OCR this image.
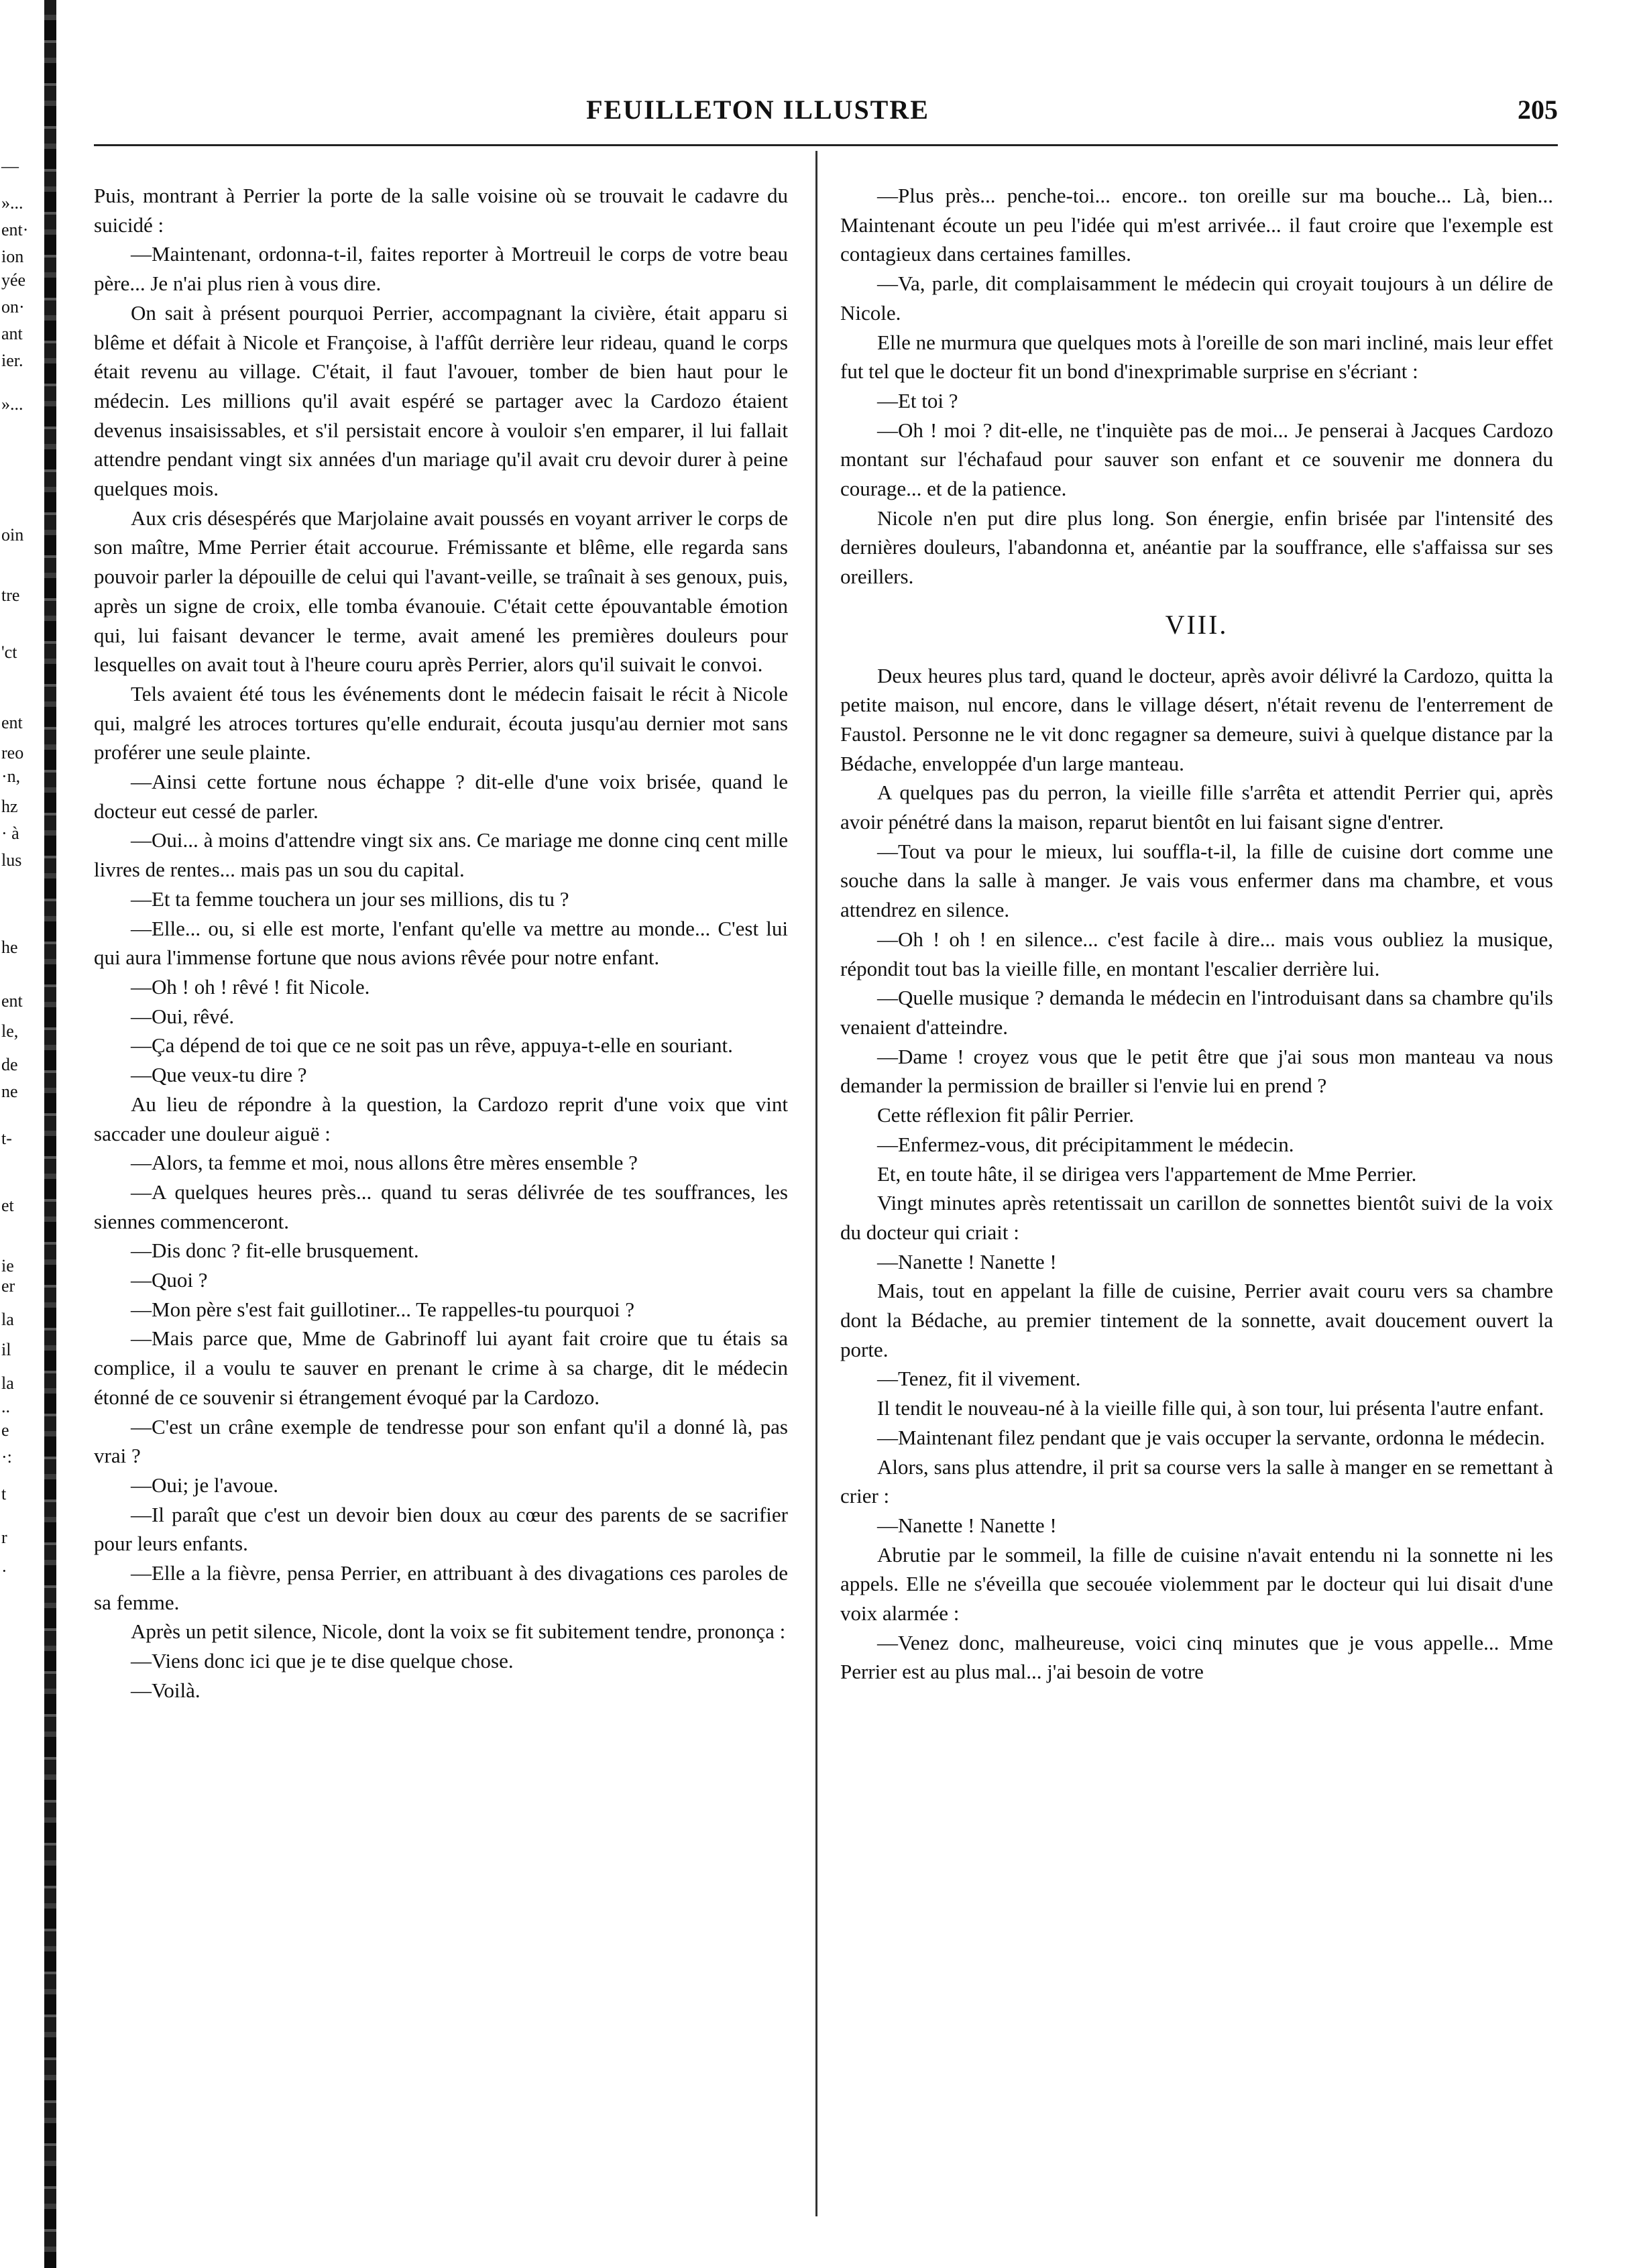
—
»...
ent·
ion
yée
on·
ant
ier.
»...
oin
tre
'ct
ent
reo
·n,
hz
· à
lus
he
ent
le,
de
ne
t-
et
ie
er
la
il
la
..
e
·:
t
r
·
FEUILLETON ILLUSTRE	205

Puis, montrant à Perrier la porte de la salle voisine où se trouvait le cadavre du suicidé :

—Maintenant, ordonna-t-il, faites reporter à Mortreuil le corps de votre beau père... Je n'ai plus rien à vous dire.

On sait à présent pourquoi Perrier, accompagnant la civière, était apparu si blême et défait à Nicole et Françoise, à l'affût derrière leur rideau, quand le corps était revenu au village. C'était, il faut l'avouer, tomber de bien haut pour le médecin. Les millions qu'il avait espéré se partager avec la Cardozo étaient devenus insaisissables, et s'il persistait encore à vouloir s'en emparer, il lui fallait attendre pendant vingt six années d'un mariage qu'il avait cru devoir durer à peine quelques mois.

Aux cris désespérés que Marjolaine avait poussés en voyant arriver le corps de son maître, Mme Perrier était accourue. Frémissante et blême, elle regarda sans pouvoir parler la dépouille de celui qui l'avant-veille, se traînait à ses genoux, puis, après un signe de croix, elle tomba évanouie. C'était cette épouvantable émotion qui, lui faisant devancer le terme, avait amené les premières douleurs pour lesquelles on avait tout à l'heure couru après Perrier, alors qu'il suivait le convoi.

Tels avaient été tous les événements dont le médecin faisait le récit à Nicole qui, malgré les atroces tortures qu'elle endurait, écouta jusqu'au dernier mot sans proférer une seule plainte.

—Ainsi cette fortune nous échappe ? dit-elle d'une voix brisée, quand le docteur eut cessé de parler.

—Oui... à moins d'attendre vingt six ans. Ce mariage me donne cinq cent mille livres de rentes... mais pas un sou du capital.

—Et ta femme touchera un jour ses millions, dis tu ?

—Elle... ou, si elle est morte, l'enfant qu'elle va mettre au monde... C'est lui qui aura l'immense fortune que nous avions rêvée pour notre enfant.

—Oh ! oh ! rêvé ! fit Nicole.

—Oui, rêvé.

—Ça dépend de toi que ce ne soit pas un rêve, appuya-t-elle en souriant.

—Que veux-tu dire ?

Au lieu de répondre à la question, la Cardozo reprit d'une voix que vint saccader une douleur aiguë :

—Alors, ta femme et moi, nous allons être mères ensemble ?

—A quelques heures près... quand tu seras délivrée de tes souffrances, les siennes commenceront.

—Dis donc ? fit-elle brusquement.

—Quoi ?

—Mon père s'est fait guillotiner... Te rappelles-tu pourquoi ?

—Mais parce que, Mme de Gabrinoff lui ayant fait croire que tu étais sa complice, il a voulu te sauver en prenant le crime à sa charge, dit le médecin étonné de ce souvenir si étrangement évoqué par la Cardozo.

—C'est un crâne exemple de tendresse pour son enfant qu'il a donné là, pas vrai ?

—Oui; je l'avoue.

—Il paraît que c'est un devoir bien doux au cœur des parents de se sacrifier pour leurs enfants.

—Elle a la fièvre, pensa Perrier, en attribuant à des divagations ces paroles de sa femme.

Après un petit silence, Nicole, dont la voix se fit subitement tendre, prononça :

—Viens donc ici que je te dise quelque chose.

—Voilà.

—Plus près... penche-toi... encore.. ton oreille sur ma bouche... Là, bien... Maintenant écoute un peu l'idée qui m'est arrivée... il faut croire que l'exemple est contagieux dans certaines familles.

—Va, parle, dit complaisamment le médecin qui croyait toujours à un délire de Nicole.

Elle ne murmura que quelques mots à l'oreille de son mari incliné, mais leur effet fut tel que le docteur fit un bond d'inexprimable surprise en s'écriant :

—Et toi ?

—Oh ! moi ? dit-elle, ne t'inquiète pas de moi... Je penserai à Jacques Cardozo montant sur l'échafaud pour sauver son enfant et ce souvenir me donnera du courage... et de la patience.

Nicole n'en put dire plus long. Son énergie, enfin brisée par l'intensité des dernières douleurs, l'abandonna et, anéantie par la souffrance, elle s'affaissa sur ses oreillers.

VIII.

Deux heures plus tard, quand le docteur, après avoir délivré la Cardozo, quitta la petite maison, nul encore, dans le village désert, n'était revenu de l'enterrement de Faustol. Personne ne le vit donc regagner sa demeure, suivi à quelque distance par la Bédache, enveloppée d'un large manteau.

A quelques pas du perron, la vieille fille s'arrêta et attendit Perrier qui, après avoir pénétré dans la maison, reparut bientôt en lui faisant signe d'entrer.

—Tout va pour le mieux, lui souffla-t-il, la fille de cuisine dort comme une souche dans la salle à manger. Je vais vous enfermer dans ma chambre, et vous attendrez en silence.

—Oh ! oh ! en silence... c'est facile à dire... mais vous oubliez la musique, répondit tout bas la vieille fille, en montant l'escalier derrière lui.

—Quelle musique ? demanda le médecin en l'introduisant dans sa chambre qu'ils venaient d'atteindre.

—Dame ! croyez vous que le petit être que j'ai sous mon manteau va nous demander la permission de brailler si l'envie lui en prend ?

Cette réflexion fit pâlir Perrier.

—Enfermez-vous, dit précipitamment le médecin.

Et, en toute hâte, il se dirigea vers l'appartement de Mme Perrier.

Vingt minutes après retentissait un carillon de sonnettes bientôt suivi de la voix du docteur qui criait :

—Nanette ! Nanette !

Mais, tout en appelant la fille de cuisine, Perrier avait couru vers sa chambre dont la Bédache, au premier tintement de la sonnette, avait doucement ouvert la porte.

—Tenez, fit il vivement.

Il tendit le nouveau-né à la vieille fille qui, à son tour, lui présenta l'autre enfant.

—Maintenant filez pendant que je vais occuper la servante, ordonna le médecin.

Alors, sans plus attendre, il prit sa course vers la salle à manger en se remettant à crier :

—Nanette ! Nanette !

Abrutie par le sommeil, la fille de cuisine n'avait entendu ni la sonnette ni les appels. Elle ne s'éveilla que secouée violemment par le docteur qui lui disait d'une voix alarmée :

—Venez donc, malheureuse, voici cinq minutes que je vous appelle... Mme Perrier est au plus mal... j'ai besoin de votre
